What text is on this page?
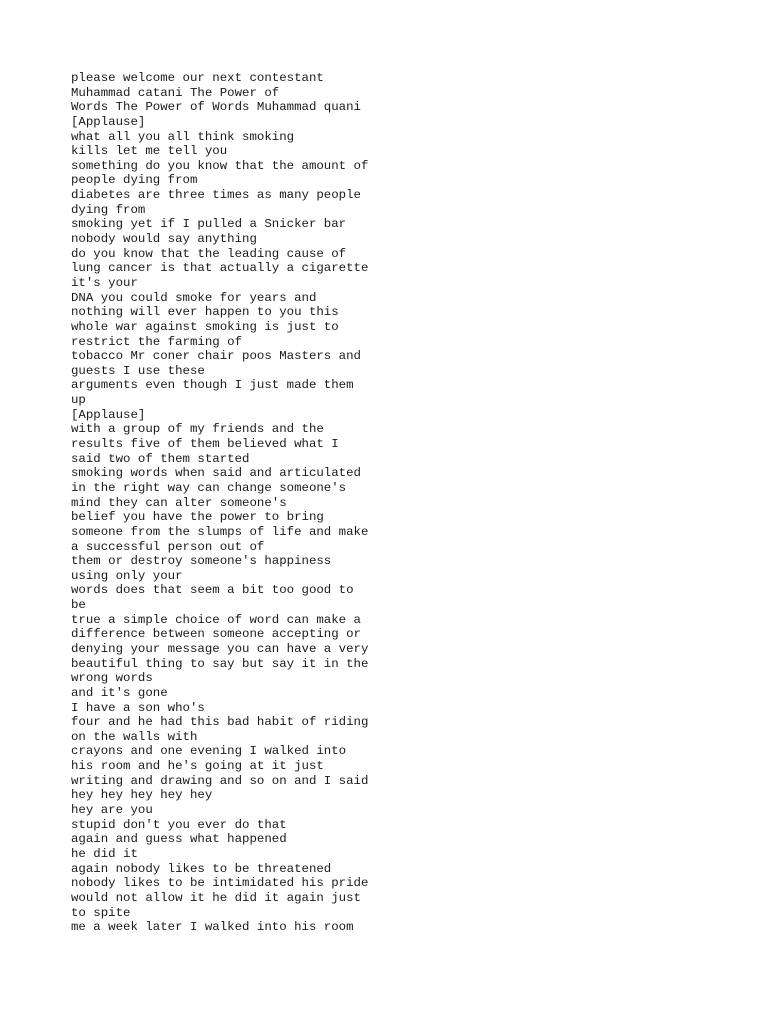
please welcome our next contestant
Muhammad catani The Power of
Words The Power of Words Muhammad quani
[Applause]
what all you all think smoking
kills let me tell you
something do you know that the amount of
people dying from
diabetes are three times as many people
dying from
smoking yet if I pulled a Snicker bar
nobody would say anything
do you know that the leading cause of
lung cancer is that actually a cigarette
it's your
DNA you could smoke for years and
nothing will ever happen to you this
whole war against smoking is just to
restrict the farming of
tobacco Mr coner chair poos Masters and
guests I use these
arguments even though I just made them
up
[Applause]
with a group of my friends and the
results five of them believed what I
said two of them started
smoking words when said and articulated
in the right way can change someone's
mind they can alter someone's
belief you have the power to bring
someone from the slumps of life and make
a successful person out of
them or destroy someone's happiness
using only your
words does that seem a bit too good to
be
true a simple choice of word can make a
difference between someone accepting or
denying your message you can have a very
beautiful thing to say but say it in the
wrong words
and it's gone
I have a son who's
four and he had this bad habit of riding
on the walls with
crayons and one evening I walked into
his room and he's going at it just
writing and drawing and so on and I said
hey hey hey hey hey
hey are you
stupid don't you ever do that
again and guess what happened
he did it
again nobody likes to be threatened
nobody likes to be intimidated his pride
would not allow it he did it again just
to spite
me a week later I walked into his room
